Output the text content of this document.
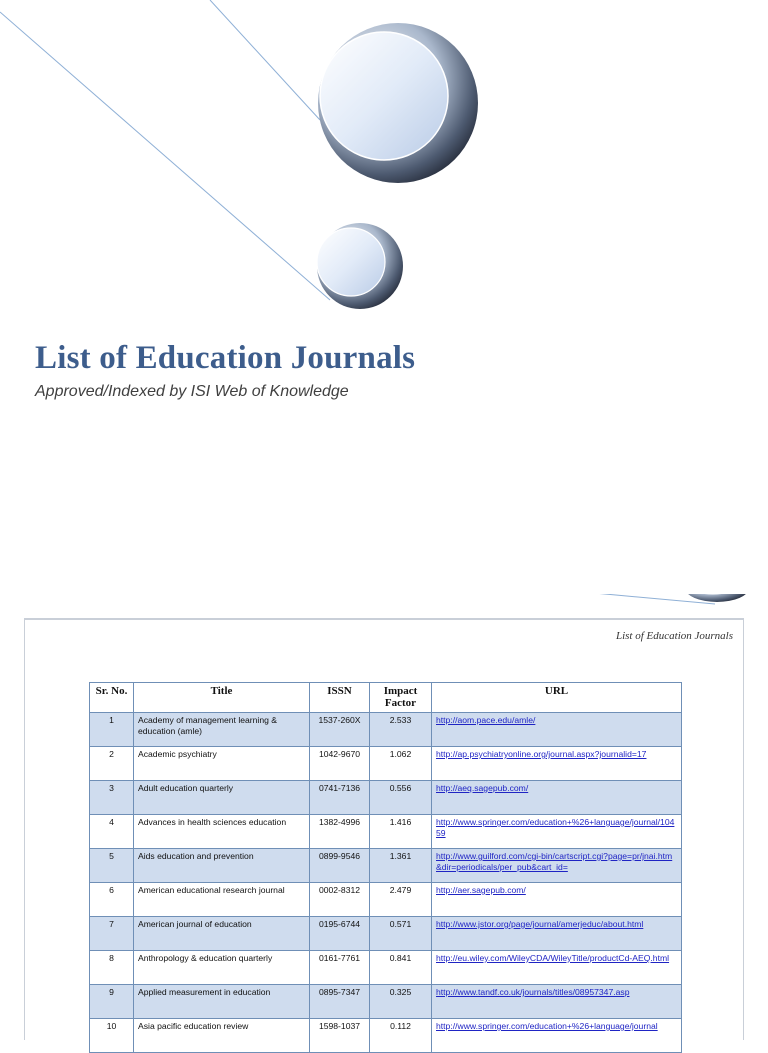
List of Education Journals

Approved/Indexed by ISI Web of Knowledge

List of Education Journals
Sr. No.	Title	ISSN	Impact Factor	URL
1	Academy of management learning & education (amle)	1537-260X	2.533	http://aom.pace.edu/amle/
2	Academic psychiatry	1042-9670	1.062	http://ap.psychiatryonline.org/journal.aspx?journalid=17
3	Adult education quarterly	0741-7136	0.556	http://aeq.sagepub.com/
4	Advances in health sciences education	1382-4996	1.416	http://www.springer.com/education+%26+language/journal/10459
5	Aids education and prevention	0899-9546	1.361	http://www.guilford.com/cgi-bin/cartscript.cgi?page=pr/jnai.htm&dir=periodicals/per_pub&cart_id=
6	American educational research journal	0002-8312	2.479	http://aer.sagepub.com/
7	American journal of education	0195-6744	0.571	http://www.jstor.org/page/journal/amerjeduc/about.html
8	Anthropology & education quarterly	0161-7761	0.841	http://eu.wiley.com/WileyCDA/WileyTitle/productCd-AEQ.html
9	Applied measurement in education	0895-7347	0.325	http://www.tandf.co.uk/journals/titles/08957347.asp
10	Asia pacific education review	1598-1037	0.112	http://www.springer.com/education+%26+language/journal
